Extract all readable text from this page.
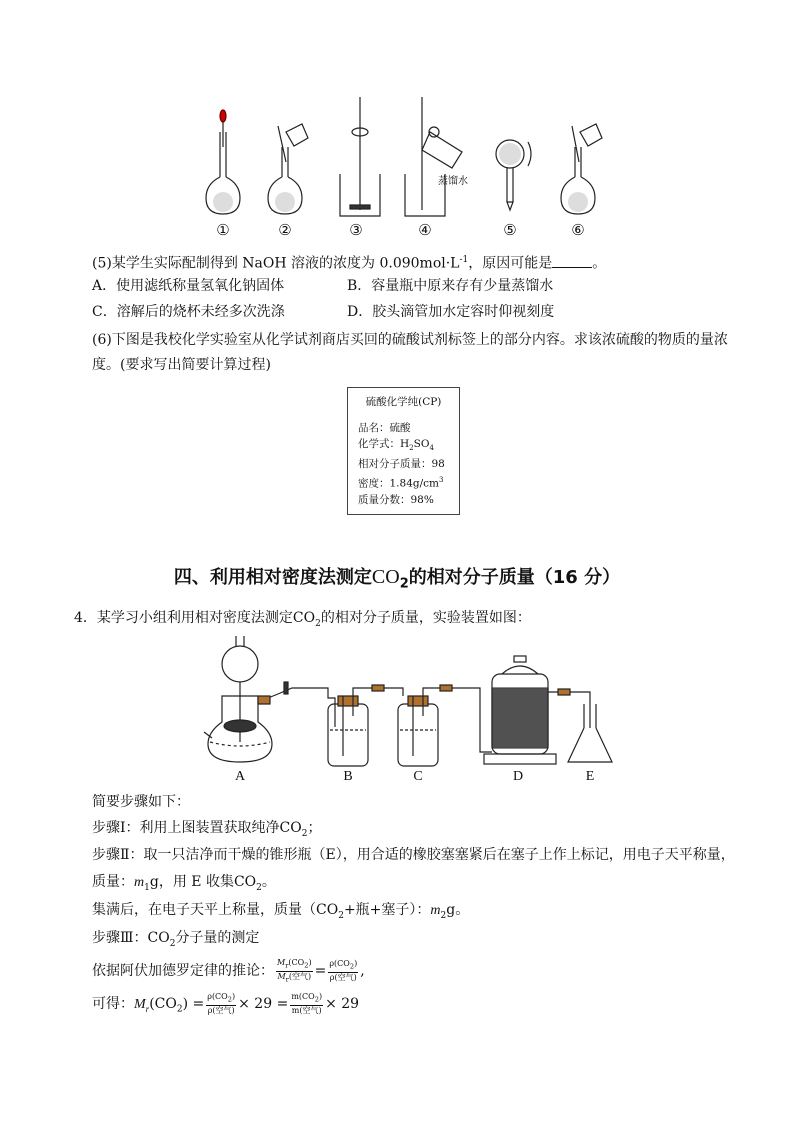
蒸馏水
①	②	③	④	⑤	⑥
(5)某学生实际配制得到 NaOH 溶液的浓度为 $0.090mol\cdot L^{-1}$，原因可能是	。
A．使用滤纸称量氢氧化钠固体	B．容量瓶中原来存有少量蒸馏水
C．溶解后的烧杯未经多次洗涤	D．胶头滴管加水定容时仰视刻度
(6)下图是我校化学实验室从化学试剂商店买回的硫酸试剂标签上的部分内容。求该浓硫酸的物质的量浓
度。(要求写出简要计算过程)
硫酸化学纯(CP)
品名：硫酸
化学式：$H_2SO_4$
相对分子质量：98
密度：$1.84g/cm^3$
质量分数：98%
四、利用相对密度法测定$CO_2$的相对分子质量（16 分）
4．某学习小组利用相对密度法测定$CO_2$的相对分子质量，实验装置如图：
A	B	C	D	E
简要步骤如下：
步骤Ⅰ：利用上图装置获取纯净$CO_2$；
步骤Ⅱ：取一只洁净而干燥的锥形瓶（E），用合适的橡胶塞塞紧后在塞子上作上标记，用电子天平称量，
质量：$m_1g$，用 E 收集$CO_2$。
集满后，在电子天平上称量，质量（$CO_2+$瓶+塞子）：$m_2g$。
步骤Ⅲ：$CO_2$分子量的测定
依据阿伏加德罗定律的推论： $\frac{M_r(CO_2)}{M_r(空气)} = \frac{\rho(CO_2)}{\text{ρ(空气)}}$ ,
可得：$M_r(CO_2) = \frac{\rho(CO_2)}{\text{ρ(空气)}} \times 29 = \frac{m(CO_2)}{\text{m(空气)}} \times 29$
